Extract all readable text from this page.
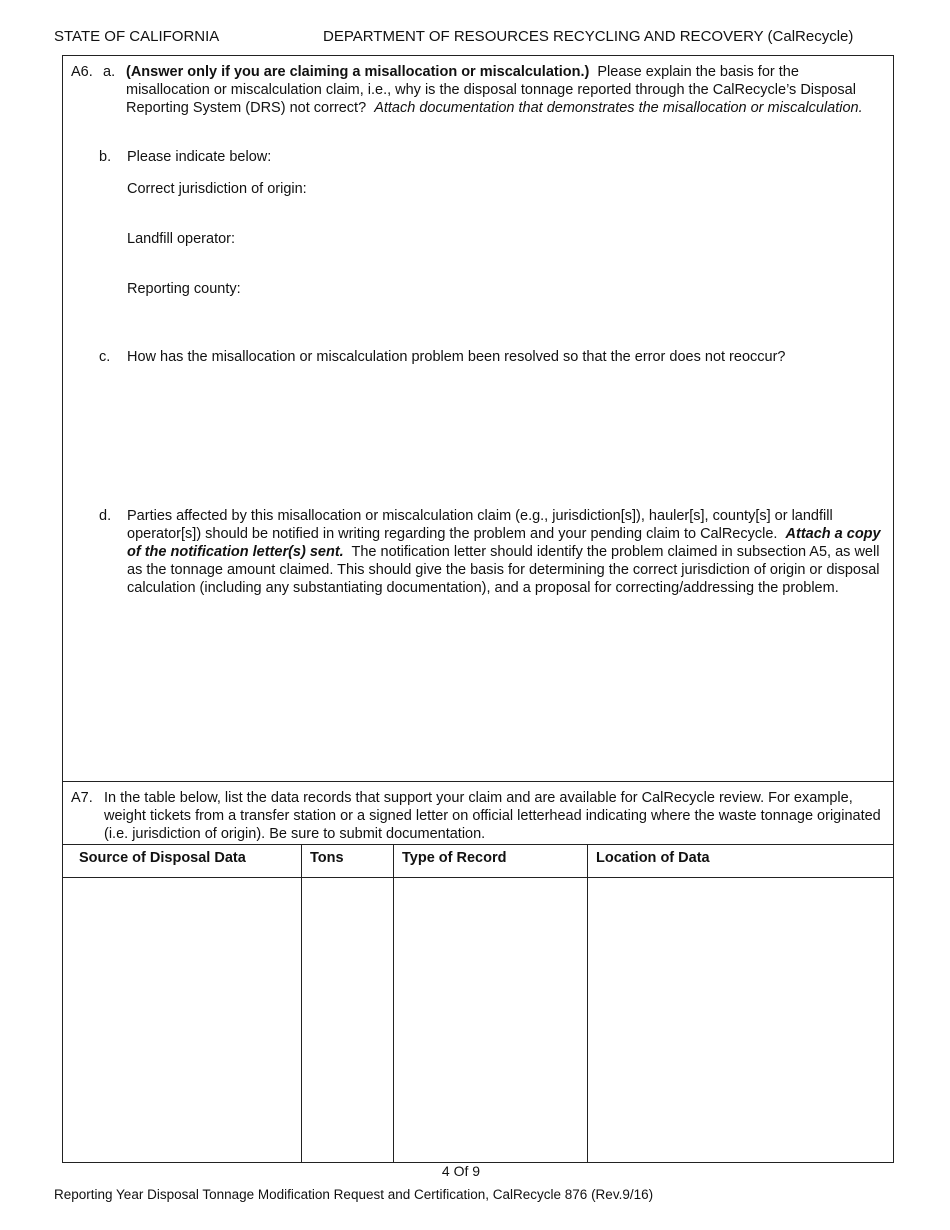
STATE OF CALIFORNIA	DEPARTMENT OF RESOURCES RECYCLING AND RECOVERY (CalRecycle)
A6. a. (Answer only if you are claiming a misallocation or miscalculation.) Please explain the basis for the misallocation or miscalculation claim, i.e., why is the disposal tonnage reported through the CalRecycle’s Disposal Reporting System (DRS) not correct? Attach documentation that demonstrates the misallocation or miscalculation.
b. Please indicate below:
Correct jurisdiction of origin:
Landfill operator:
Reporting county:
c. How has the misallocation or miscalculation problem been resolved so that the error does not reoccur?
d. Parties affected by this misallocation or miscalculation claim (e.g., jurisdiction[s]), hauler[s], county[s] or landfill operator[s]) should be notified in writing regarding the problem and your pending claim to CalRecycle. Attach a copy of the notification letter(s) sent. The notification letter should identify the problem claimed in subsection A5, as well as the tonnage amount claimed. This should give the basis for determining the correct jurisdiction of origin or disposal calculation (including any substantiating documentation), and a proposal for correcting/addressing the problem.
A7. In the table below, list the data records that support your claim and are available for CalRecycle review. For example, weight tickets from a transfer station or a signed letter on official letterhead indicating where the waste tonnage originated (i.e. jurisdiction of origin). Be sure to submit documentation.
Source of Disposal Data	Tons	Type of Record	Location of Data
4 Of 9
Reporting Year Disposal Tonnage Modification Request and Certification, CalRecycle 876 (Rev.9/16)
